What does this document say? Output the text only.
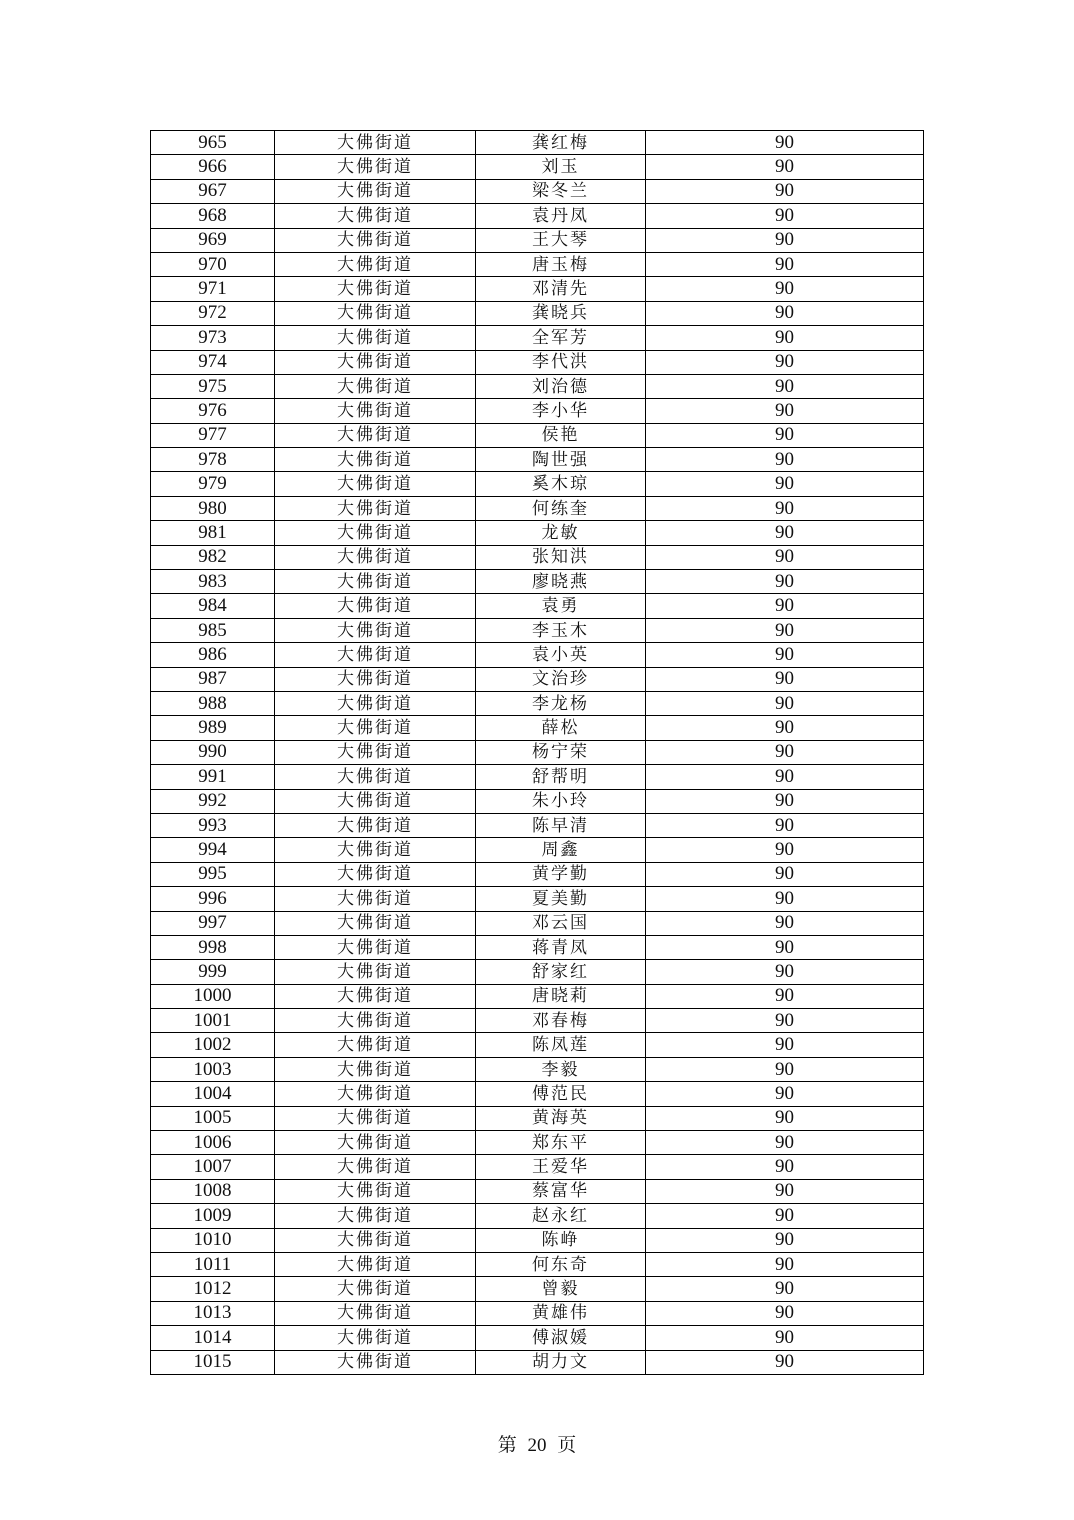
965	大佛街道	龚红梅	90
966	大佛街道	刘玉	90
967	大佛街道	梁冬兰	90
968	大佛街道	袁丹凤	90
969	大佛街道	王大琴	90
970	大佛街道	唐玉梅	90
971	大佛街道	邓清先	90
972	大佛街道	龚晓兵	90
973	大佛街道	全军芳	90
974	大佛街道	李代洪	90
975	大佛街道	刘治德	90
976	大佛街道	李小华	90
977	大佛街道	侯艳	90
978	大佛街道	陶世强	90
979	大佛街道	奚木琼	90
980	大佛街道	何练奎	90
981	大佛街道	龙敏	90
982	大佛街道	张知洪	90
983	大佛街道	廖晓燕	90
984	大佛街道	袁勇	90
985	大佛街道	李玉木	90
986	大佛街道	袁小英	90
987	大佛街道	文治珍	90
988	大佛街道	李龙杨	90
989	大佛街道	薛松	90
990	大佛街道	杨宁荣	90
991	大佛街道	舒帮明	90
992	大佛街道	朱小玲	90
993	大佛街道	陈早清	90
994	大佛街道	周鑫	90
995	大佛街道	黄学勤	90
996	大佛街道	夏美勤	90
997	大佛街道	邓云国	90
998	大佛街道	蒋青凤	90
999	大佛街道	舒家红	90
1000	大佛街道	唐晓莉	90
1001	大佛街道	邓春梅	90
1002	大佛街道	陈凤莲	90
1003	大佛街道	李毅	90
1004	大佛街道	傅范民	90
1005	大佛街道	黄海英	90
1006	大佛街道	郑东平	90
1007	大佛街道	王爱华	90
1008	大佛街道	蔡富华	90
1009	大佛街道	赵永红	90
1010	大佛街道	陈峥	90
1011	大佛街道	何东奇	90
1012	大佛街道	曾毅	90
1013	大佛街道	黄雄伟	90
1014	大佛街道	傅淑媛	90
1015	大佛街道	胡力文	90
第 20 页
